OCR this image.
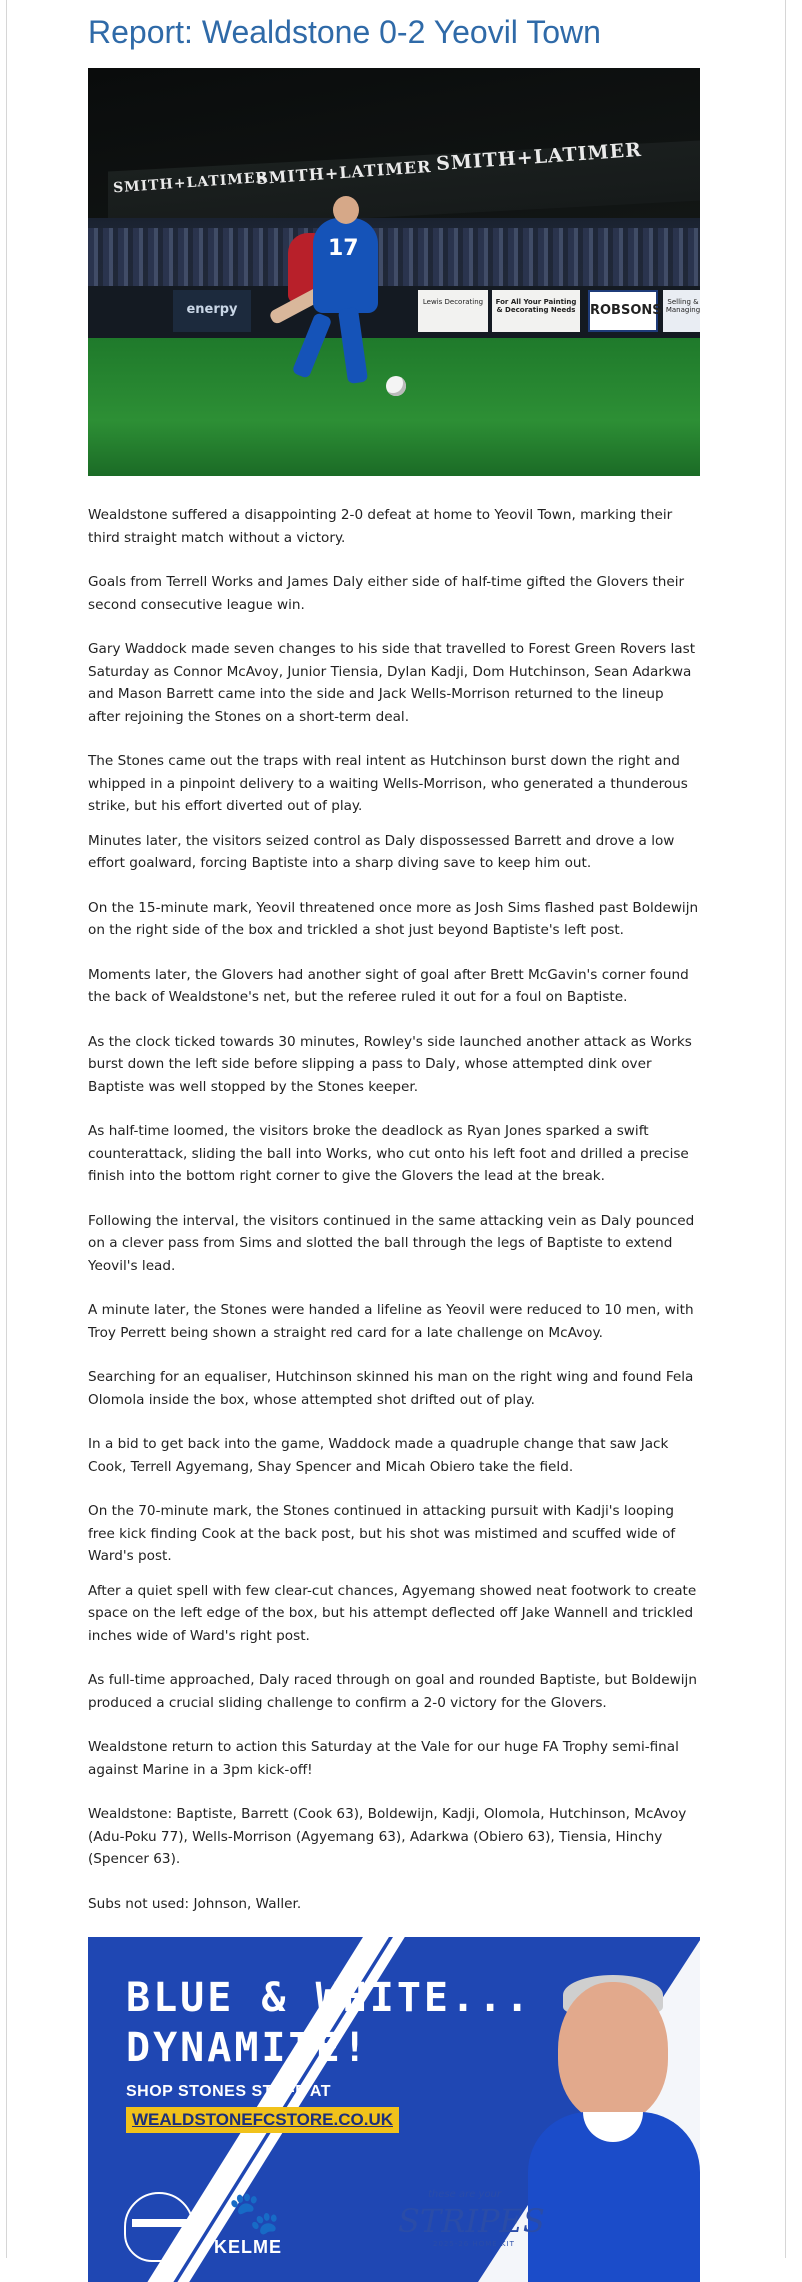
Report: Wealdstone 0-2 Yeovil Town
SMITH+LATIMER
SMITH+LATIMER SMITH+LATIMER
enerpy	Lewis Decorating	For All Your Painting & Decorating Needs	ROBSONS
Selling & Managing
17

Wealdstone suffered a disappointing 2-0 defeat at home to Yeovil Town, marking their third straight match without a victory.

Goals from Terrell Works and James Daly either side of half-time gifted the Glovers their second consecutive league win.

Gary Waddock made seven changes to his side that travelled to Forest Green Rovers last Saturday as Connor McAvoy, Junior Tiensia, Dylan Kadji, Dom Hutchinson, Sean Adarkwa and Mason Barrett came into the side and Jack Wells-Morrison returned to the lineup after rejoining the Stones on a short-term deal.

The Stones came out the traps with real intent as Hutchinson burst down the right and whipped in a pinpoint delivery to a waiting Wells-Morrison, who generated a thunderous strike, but his effort diverted out of play.

Minutes later, the visitors seized control as Daly dispossessed Barrett and drove a low effort goalward, forcing Baptiste into a sharp diving save to keep him out.

On the 15-minute mark, Yeovil threatened once more as Josh Sims flashed past Boldewijn on the right side of the box and trickled a shot just beyond Baptiste's left post.

Moments later, the Glovers had another sight of goal after Brett McGavin's corner found the back of Wealdstone's net, but the referee ruled it out for a foul on Baptiste.

As the clock ticked towards 30 minutes, Rowley's side launched another attack as Works burst down the left side before slipping a pass to Daly, whose attempted dink over Baptiste was well stopped by the Stones keeper.

As half-time loomed, the visitors broke the deadlock as Ryan Jones sparked a swift counterattack, sliding the ball into Works, who cut onto his left foot and drilled a precise finish into the bottom right corner to give the Glovers the lead at the break.

Following the interval, the visitors continued in the same attacking vein as Daly pounced on a clever pass from Sims and slotted the ball through the legs of Baptiste to extend Yeovil's lead.

A minute later, the Stones were handed a lifeline as Yeovil were reduced to 10 men, with Troy Perrett being shown a straight red card for a late challenge on McAvoy.

Searching for an equaliser, Hutchinson skinned his man on the right wing and found Fela Olomola inside the box, whose attempted shot drifted out of play.

In a bid to get back into the game, Waddock made a quadruple change that saw Jack Cook, Terrell Agyemang, Shay Spencer and Micah Obiero take the field.

On the 70-minute mark, the Stones continued in attacking pursuit with Kadji's looping free kick finding Cook at the back post, but his shot was mistimed and scuffed wide of Ward's post.

After a quiet spell with few clear-cut chances, Agyemang showed neat footwork to create space on the left edge of the box, but his attempt deflected off Jake Wannell and trickled inches wide of Ward's right post.

As full-time approached, Daly raced through on goal and rounded Baptiste, but Boldewijn produced a crucial sliding challenge to confirm a 2-0 victory for the Glovers.

Wealdstone return to action this Saturday at the Vale for our huge FA Trophy semi-final against Marine in a 3pm kick-off!

Wealdstone: Baptiste, Barrett (Cook 63), Boldewijn, Kadji, Olomola, Hutchinson, McAvoy (Adu-Poku 77), Wells-Morrison (Agyemang 63), Adarkwa (Obiero 63), Tiensia, Hinchy (Spencer 63).

Subs not used: Johnson, Waller.

BLUE & WHITE...
DYNAMITE!
SHOP STONES STUFF AT
WEALDSTONEFCSTORE.CO.UK
🐾
KELME
these are your
STRIPES
2025-26 HOME KIT
